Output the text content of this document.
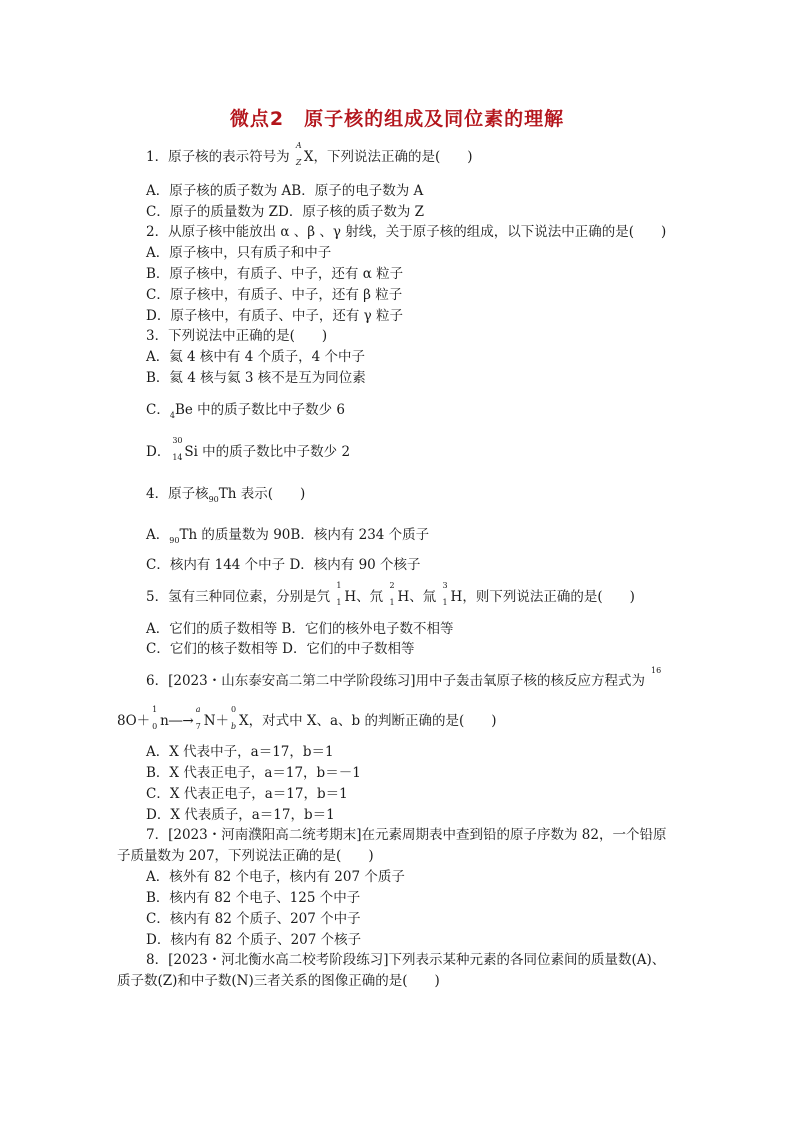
微点2　原子核的组成及同位素的理解
1．原子核的表示符号为
A
Z X，下列说法正确的是(　　)
A．原子核的质子数为 AB．原子的电子数为 A
C．原子的质量数为 ZD．原子核的质子数为 Z
2．从原子核中能放出 α 、β 、γ 射线，关于原子核的组成，以下说法中正确的是(　　)
A．原子核中，只有质子和中子
B．原子核中，有质子、中子，还有 α 粒子
C．原子核中，有质子、中子，还有 β 粒子
D．原子核中，有质子、中子，还有 γ 粒子
3．下列说法中正确的是(　　)
A．氦 4 核中有 4 个质子，4 个中子
B．氦 4 核与氦 3 核不是互为同位素
C．$_4$Be 中的质子数比中子数少 6
D．
30
14 Si 中的质子数比中子数少 2
4．原子核$_{90}$Th 表示(　　)
A．$_{90}$Th 的质量数为 90B．核内有 234 个质子
C．核内有 144 个中子 D．核内有 90 个核子
5．氢有三种同位素，分别是氕
1
1 H、氘
2
1 H、氚
3
1 H，则下列说法正确的是(　　)
A．它们的质子数相等 B．它们的核外电子数不相等
C．它们的核子数相等 D．它们的中子数相等
6．[2023・山东泰安高二第二中学阶段练习]用中子轰击氧原子核的核反应方程式为$^{16}$
8O＋
1
0 n―→
a
7 N＋
0
b X，对式中 X、a、b 的判断正确的是(　　)
A．X 代表中子，a＝17，b＝1
B．X 代表正电子，a＝17，b＝－1
C．X 代表正电子，a＝17，b＝1
D．X 代表质子，a＝17，b＝1
7．[2023・河南濮阳高二统考期末]在元素周期表中查到铅的原子序数为 82，一个铅原
子质量数为 207，下列说法正确的是(　　)
A．核外有 82 个电子，核内有 207 个质子
B．核内有 82 个电子、125 个中子
C．核内有 82 个质子、207 个中子
D．核内有 82 个质子、207 个核子
8．[2023・河北衡水高二校考阶段练习]下列表示某种元素的各同位素间的质量数(A)、
质子数(Z)和中子数(N)三者关系的图像正确的是(　　)
